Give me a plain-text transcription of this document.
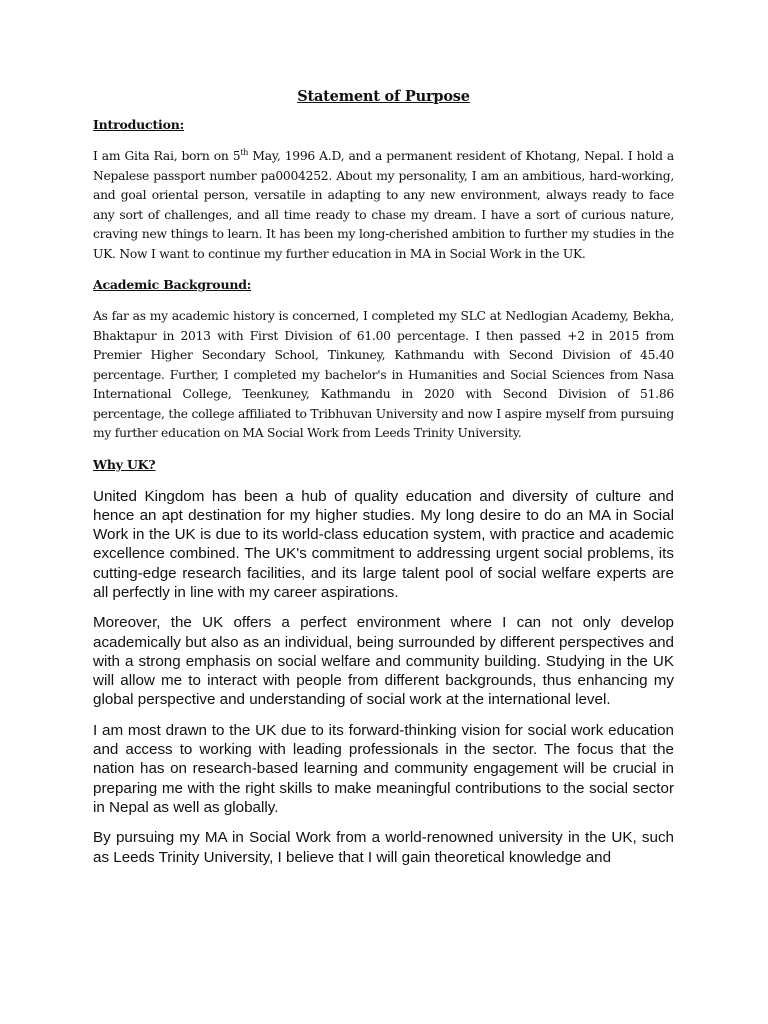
Statement of Purpose
Introduction:

I am Gita Rai, born on 5th May, 1996 A.D, and a permanent resident of Khotang, Nepal. I hold a Nepalese passport number pa0004252. About my personality, I am an ambitious, hard-working, and goal oriental person, versatile in adapting to any new environment, always ready to face any sort of challenges, and all time ready to chase my dream. I have a sort of curious nature, craving new things to learn. It has been my long-cherished ambition to further my studies in the UK. Now I want to continue my further education in MA in Social Work in the UK.

Academic Background:

As far as my academic history is concerned, I completed my SLC at Nedlogian Academy, Bekha, Bhaktapur in 2013 with First Division of 61.00 percentage. I then passed +2 in 2015 from Premier Higher Secondary School, Tinkuney, Kathmandu with Second Division of 45.40 percentage. Further, I completed my bachelor's in Humanities and Social Sciences from Nasa International College, Teenkuney, Kathmandu in 2020 with Second Division of 51.86 percentage, the college affiliated to Tribhuvan University and now I aspire myself from pursuing my further education on MA Social Work from Leeds Trinity University.

Why UK?

United Kingdom has been a hub of quality education and diversity of culture and hence an apt destination for my higher studies. My long desire to do an MA in Social Work in the UK is due to its world-class education system, with practice and academic excellence combined. The UK's commitment to addressing urgent social problems, its cutting-edge research facilities, and its large talent pool of social welfare experts are all perfectly in line with my career aspirations.

Moreover, the UK offers a perfect environment where I can not only develop academically but also as an individual, being surrounded by different perspectives and with a strong emphasis on social welfare and community building. Studying in the UK will allow me to interact with people from different backgrounds, thus enhancing my global perspective and understanding of social work at the international level.

I am most drawn to the UK due to its forward-thinking vision for social work education and access to working with leading professionals in the sector. The focus that the nation has on research-based learning and community engagement will be crucial in preparing me with the right skills to make meaningful contributions to the social sector in Nepal as well as globally.

By pursuing my MA in Social Work from a world-renowned university in the UK, such as Leeds Trinity University, I believe that I will gain theoretical knowledge and
